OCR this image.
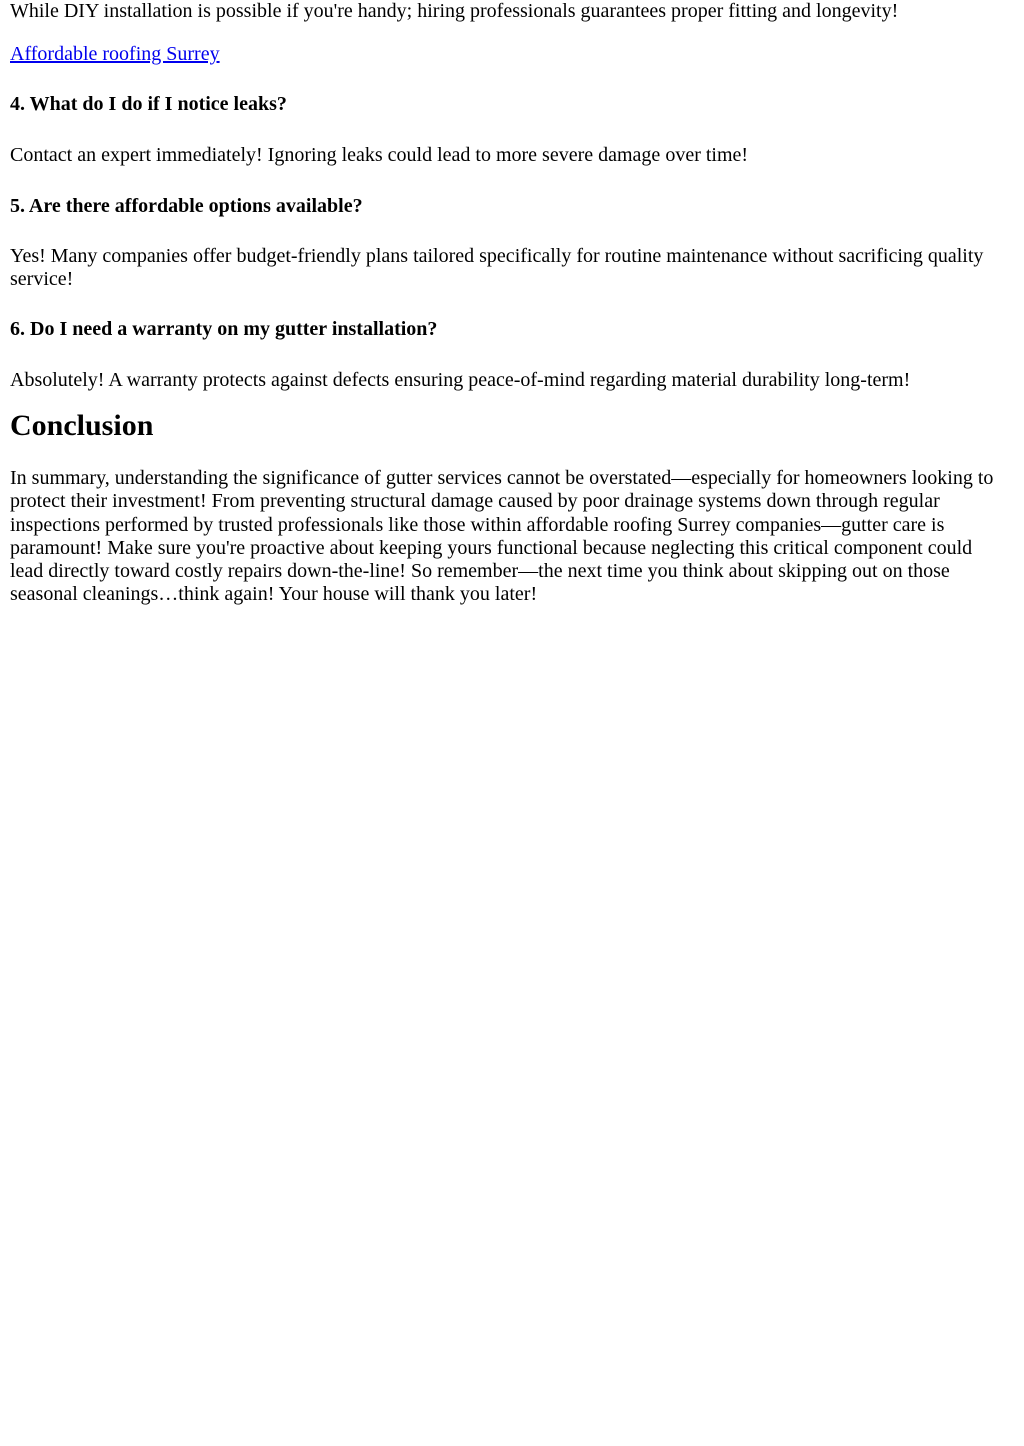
While DIY installation is possible if you're handy; hiring professionals guarantees proper fitting and longevity!

Affordable roofing Surrey

4. What do I do if I notice leaks?

Contact an expert immediately! Ignoring leaks could lead to more severe damage over time!

5. Are there affordable options available?

Yes! Many companies offer budget-friendly plans tailored specifically for routine maintenance without sacrificing quality service!

6. Do I need a warranty on my gutter installation?

Absolutely! A warranty protects against defects ensuring peace-of-mind regarding material durability long-term!

Conclusion

In summary, understanding the significance of gutter services cannot be overstated—especially for homeowners looking to protect their investment! From preventing structural damage caused by poor drainage systems down through regular inspections performed by trusted professionals like those within affordable roofing Surrey companies—gutter care is paramount! Make sure you're proactive about keeping yours functional because neglecting this critical component could lead directly toward costly repairs down-the-line! So remember—the next time you think about skipping out on those seasonal cleanings…think again! Your house will thank you later!
